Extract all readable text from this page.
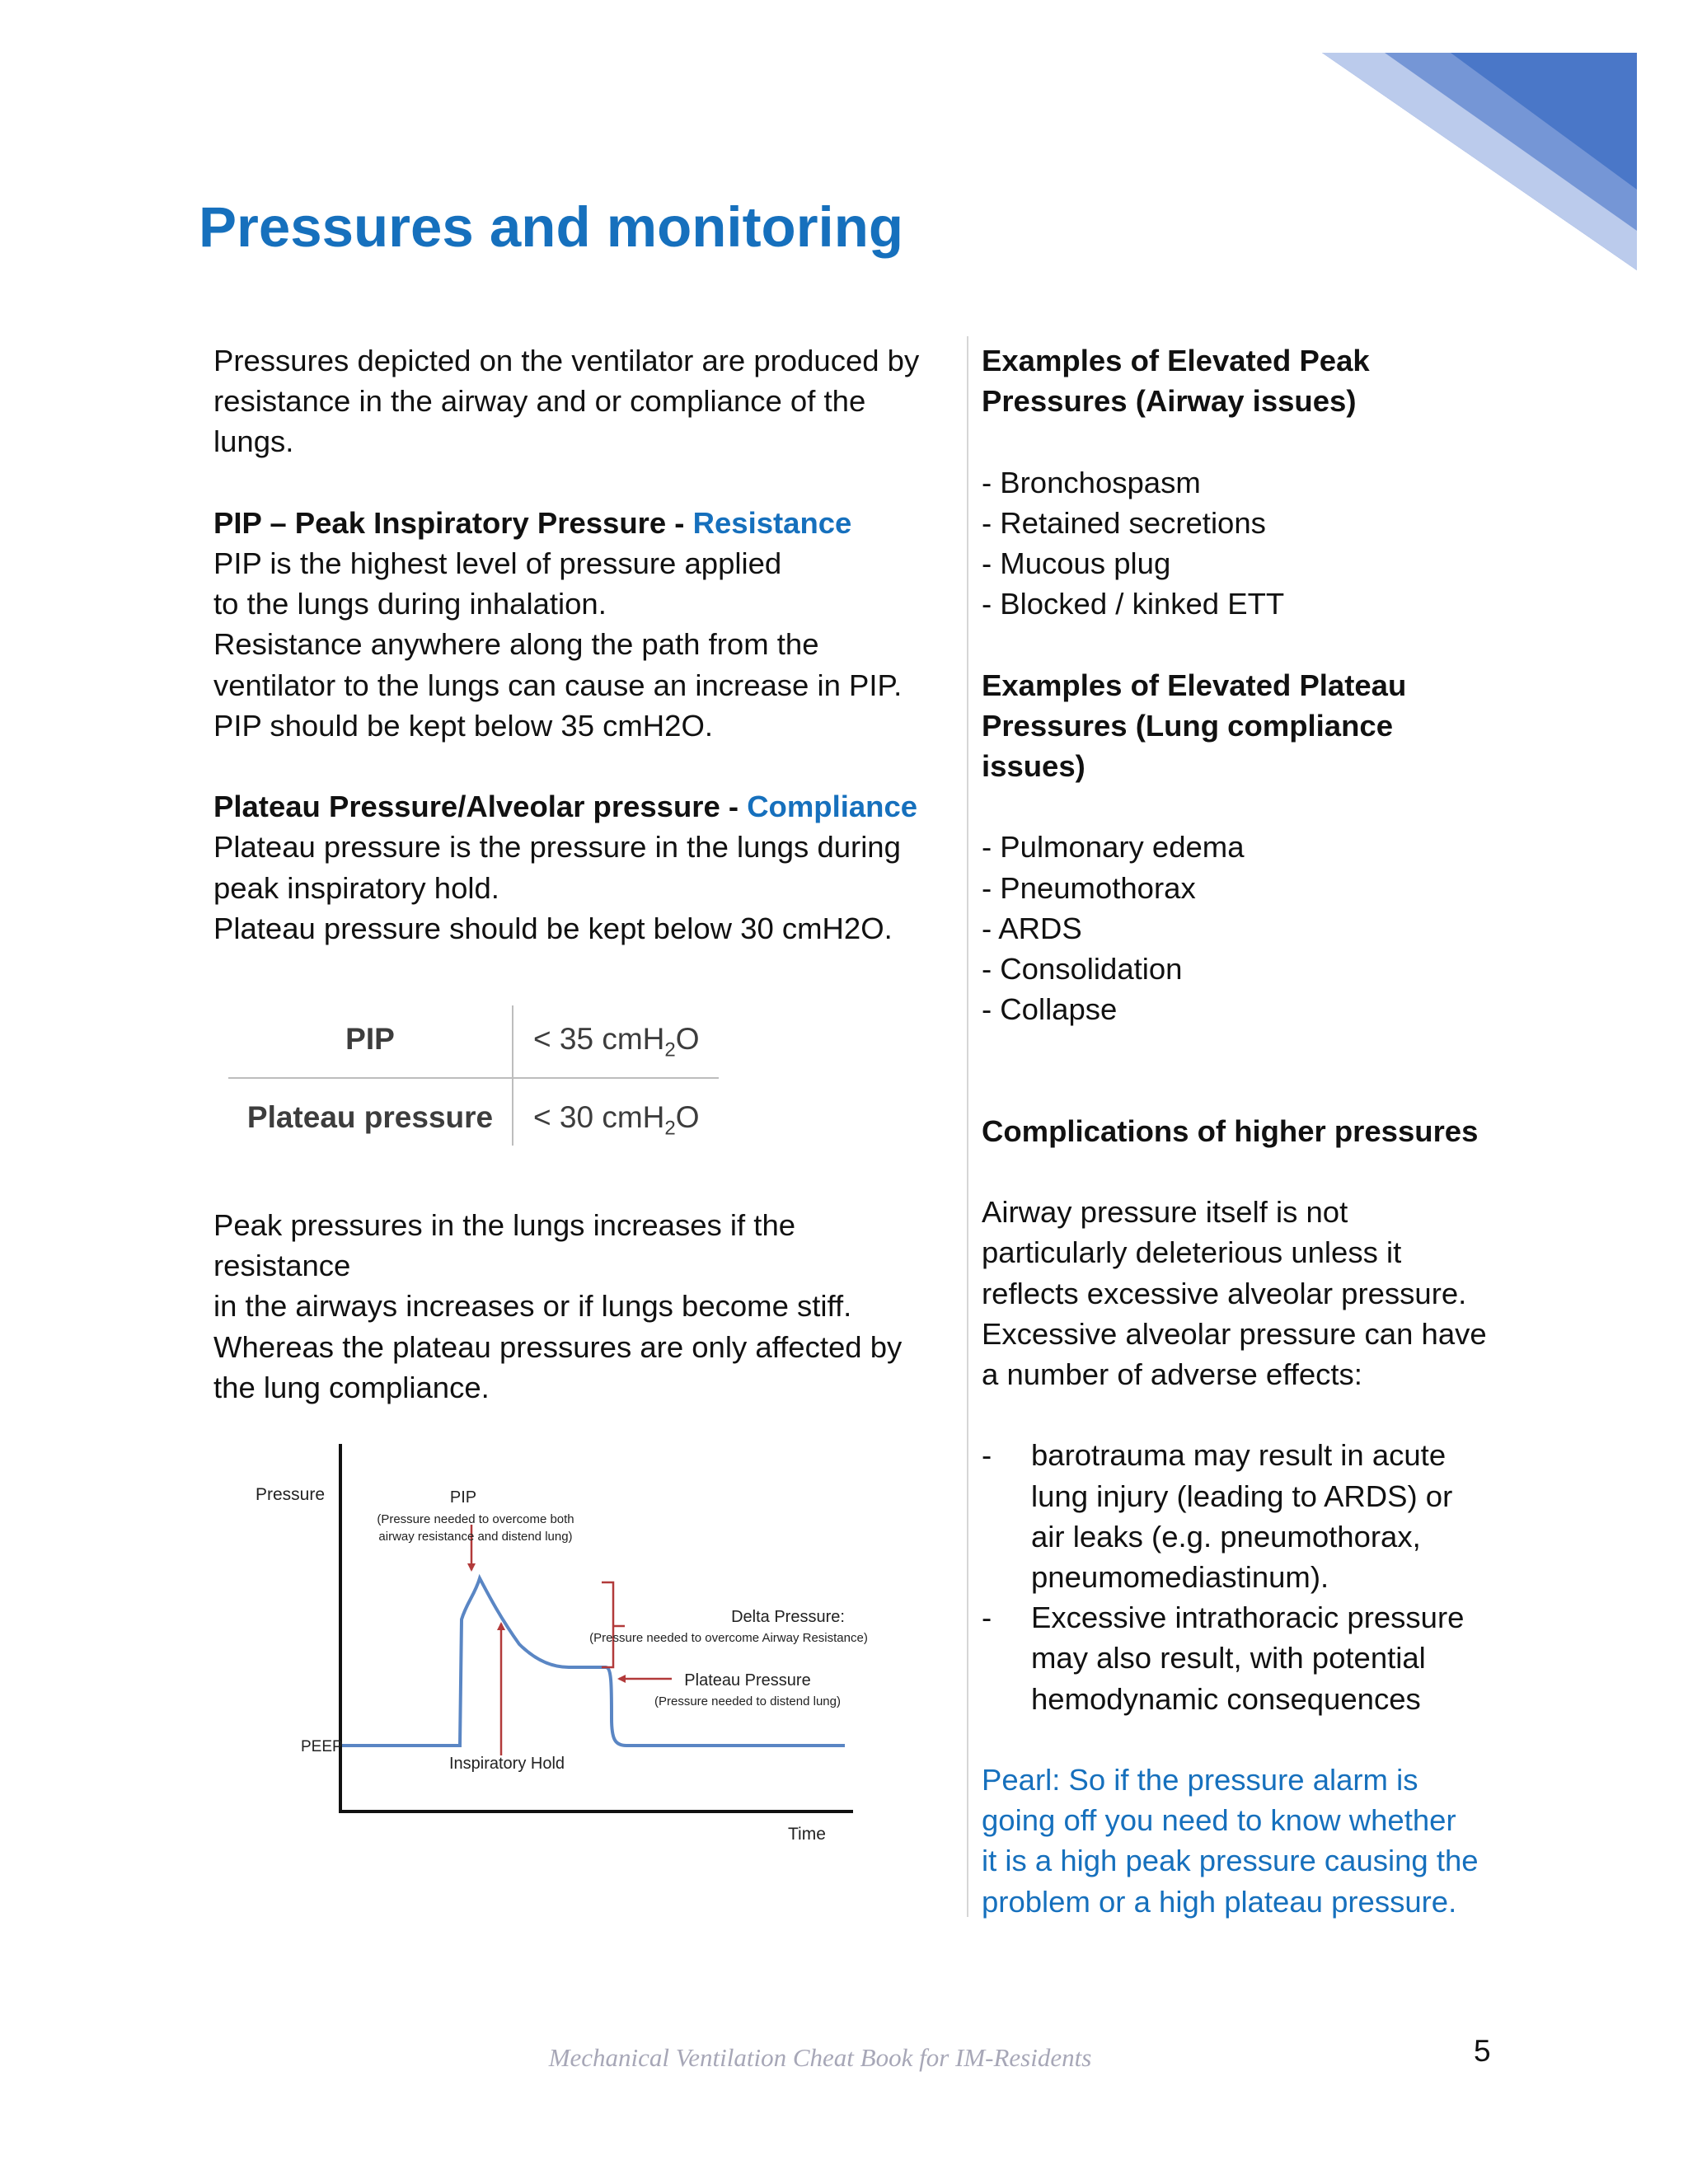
Pressures and monitoring

Pressures depicted on the ventilator are produced by

resistance in the airway and or compliance of the

lungs.

PIP – Peak Inspiratory Pressure - Resistance

PIP is the highest level of pressure applied

to the lungs during inhalation.

Resistance anywhere along the path from the

ventilator to the lungs can cause an increase in PIP.

PIP should be kept below 35 cmH2O.

Plateau Pressure/Alveolar pressure - Compliance

Plateau pressure is the pressure in the lungs during

peak inspiratory hold.

Plateau pressure should be kept below 30 cmH2O.

PIP	< 35 cmH$_2$O
Plateau pressure	< 30 cmH$_2$O

Peak pressures in the lungs increases if the resistance

in the airways increases or if lungs become stiff.

Whereas the plateau pressures are only affected by

the lung compliance.

Pressure
Time
PEEP
PIP
(Pressure needed to overcome both
airway resistance and distend lung)
Delta Pressure:
(Pressure needed to overcome Airway Resistance)
Plateau Pressure
(Pressure needed to distend lung)
Inspiratory Hold

Examples of Elevated Peak

Pressures (Airway issues)

- Bronchospasm

- Retained secretions

- Mucous plug

- Blocked / kinked ETT

Examples of Elevated Plateau

Pressures (Lung compliance issues)

- Pulmonary edema

- Pneumothorax

- ARDS

- Consolidation

- Collapse

Complications of higher pressures

Airway pressure itself is not

particularly deleterious unless it

reflects excessive alveolar pressure.

Excessive alveolar pressure can have

a number of adverse effects:

-	barotrauma may result in acute
lung injury (leading to ARDS) or
air leaks (e.g. pneumothorax,
pneumomediastinum).
-	Excessive intrathoracic pressure
may also result, with potential
hemodynamic consequences

Pearl: So if the pressure alarm is

going off you need to know whether

it is a high peak pressure causing the

problem or a high plateau pressure.

Mechanical Ventilation Cheat Book for IM-Residents	5
